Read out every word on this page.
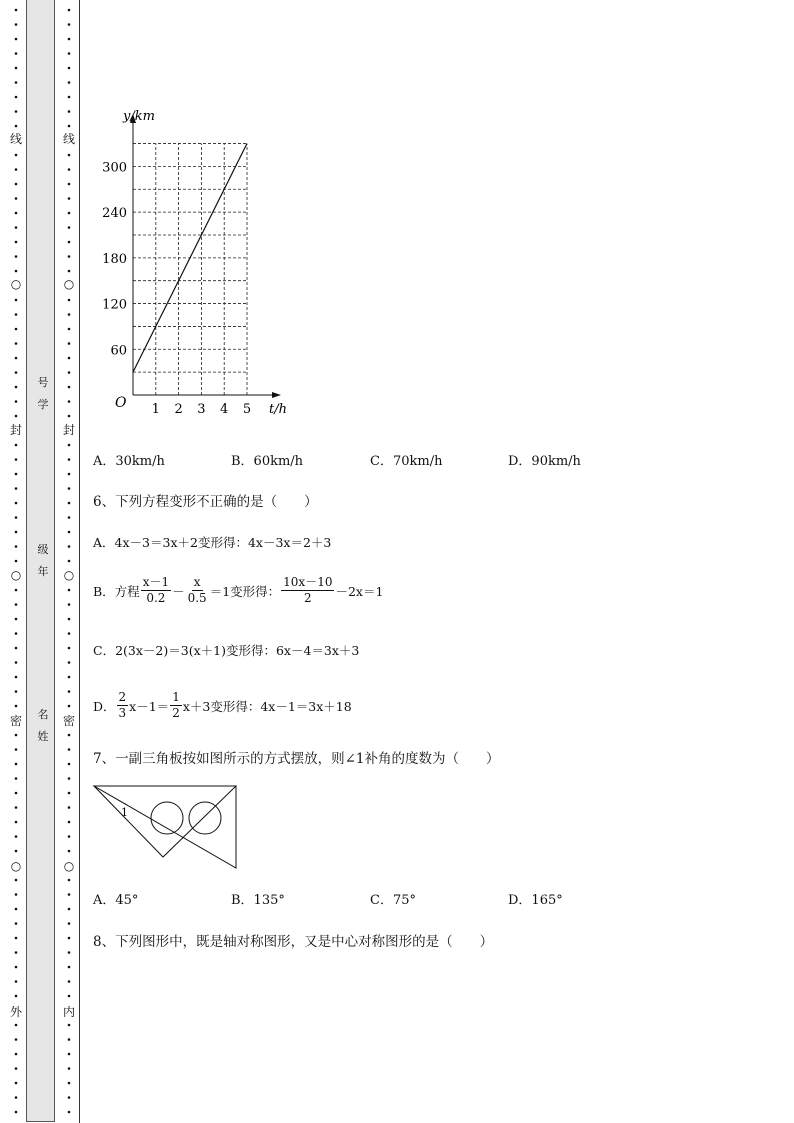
线
○
封
○
密
○
外
线
○
封
○
密
○
内
号
学
级
年
名
姓
1 2 3 4 5
60
120
180
240
300
t/h
y/km
O
A．30km/h	B．60km/h	C．70km/h	D．90km/h
6、下列方程变形不正确的是（　　）
A． 4x－3＝3x＋2变形得：4x－3x＝2＋3
B．方程 $\frac{x-1}{0.2} - \frac{x}{0.5} =1$变形得： $\frac{10x-10}{2} -2x=1$
C． 2(3x－2)＝3(x＋1)变形得：6x－4＝3x＋3
D． $\frac{2}{3} x-1= \frac{1}{2} x+3$变形得：4x－1＝3x＋18
7、一副三角板按如图所示的方式摆放，则∠1补角的度数为（　　）
1
A．45°	B．135°	C．75°	D．165°
8、下列图形中，既是轴对称图形，又是中心对称图形的是（　　）
